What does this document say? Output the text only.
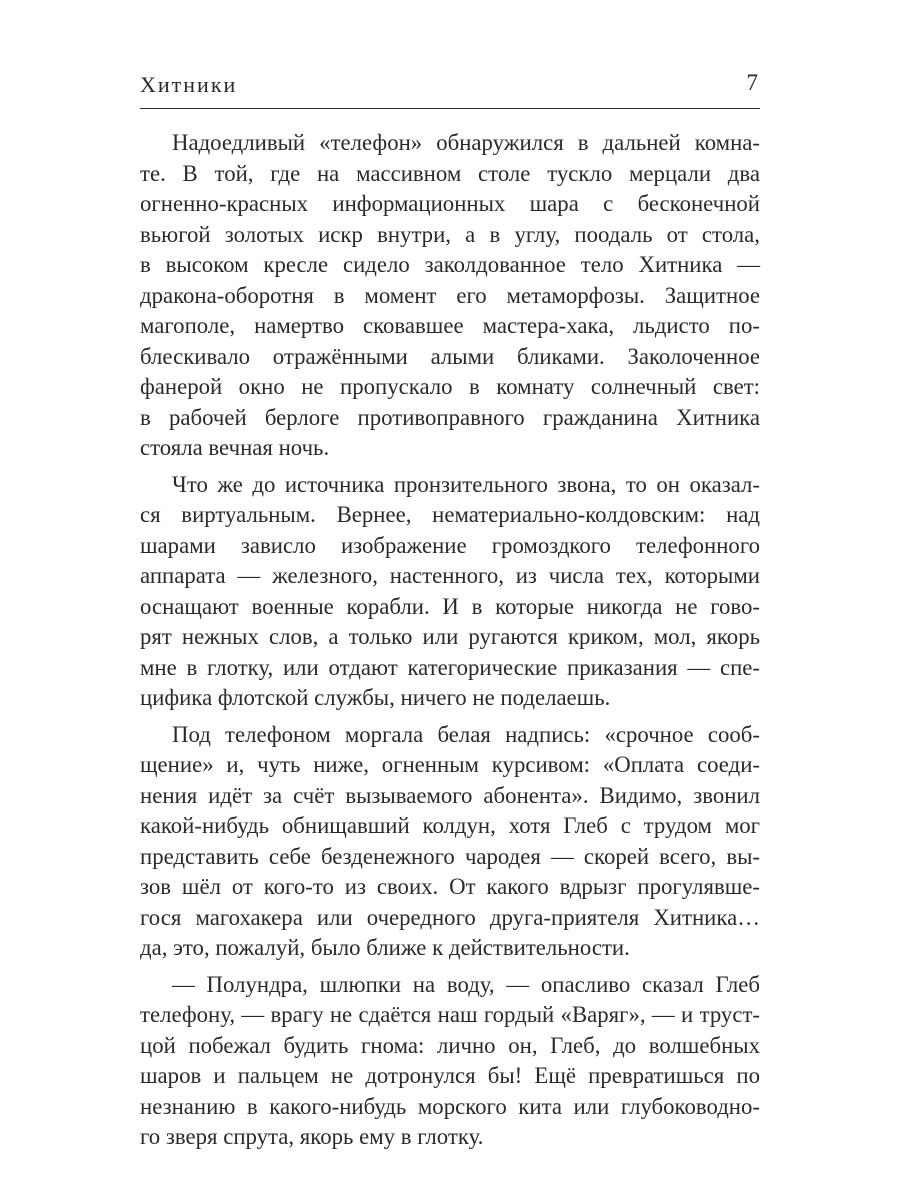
Хитники	7
Надоедливый «телефон» обнаружился в дальней комна-
те. В той, где на массивном столе тускло мерцали два
огненно-красных информационных шара с бесконечной
вьюгой золотых искр внутри, а в углу, поодаль от стола,
в высоком кресле сидело заколдованное тело Хитника —
дракона-оборотня в момент его метаморфозы. Защитное
магополе, намертво сковавшее мастера-хака, льдисто по-
блескивало отражёнными алыми бликами. Заколоченное
фанерой окно не пропускало в комнату солнечный свет:
в рабочей берлоге противоправного гражданина Хитника
стояла вечная ночь.
Что же до источника пронзительного звона, то он оказал-
ся виртуальным. Вернее, нематериально-колдовским: над
шарами зависло изображение громоздкого телефонного
аппарата — железного, настенного, из числа тех, которыми
оснащают военные корабли. И в которые никогда не гово-
рят нежных слов, а только или ругаются криком, мол, якорь
мне в глотку, или отдают категорические приказания — спе-
цифика флотской службы, ничего не поделаешь.
Под телефоном моргала белая надпись: «срочное сооб-
щение» и, чуть ниже, огненным курсивом: «Оплата соеди-
нения идёт за счёт вызываемого абонента». Видимо, звонил
какой-нибудь обнищавший колдун, хотя Глеб с трудом мог
представить себе безденежного чародея — скорей всего, вы-
зов шёл от кого-то из своих. От какого вдрызг прогулявше-
гося магохакера или очередного друга-приятеля Хитника…
да, это, пожалуй, было ближе к действительности.
— Полундра, шлюпки на воду, — опасливо сказал Глеб
телефону, — врагу не сдаётся наш гордый «Варяг», — и труст-
цой побежал будить гнома: лично он, Глеб, до волшебных
шаров и пальцем не дотронулся бы! Ещё превратишься по
незнанию в какого-нибудь морского кита или глубоководно-
го зверя спрута, якорь ему в глотку.
